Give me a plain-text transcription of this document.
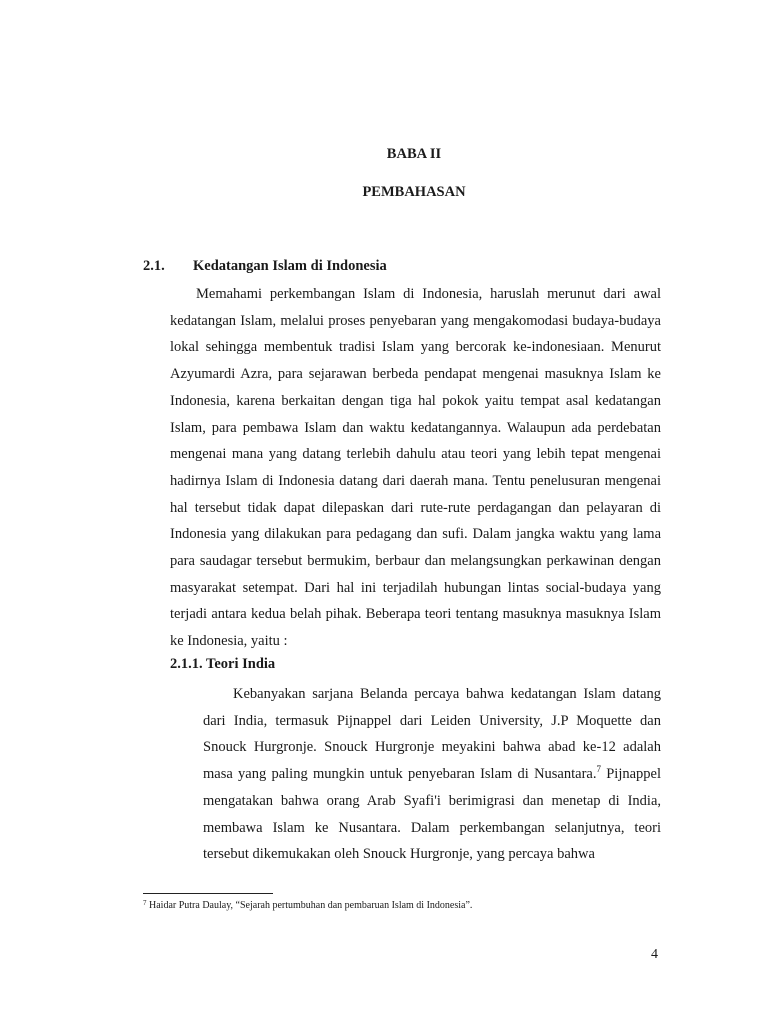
BABA II
PEMBAHASAN
2.1. Kedatangan Islam di Indonesia

Memahami perkembangan Islam di Indonesia, haruslah merunut dari awal kedatangan Islam, melalui proses penyebaran yang mengakomodasi budaya-budaya lokal sehingga membentuk tradisi Islam yang bercorak ke-indonesiaan. Menurut Azyumardi Azra, para sejarawan berbeda pendapat mengenai masuknya Islam ke Indonesia, karena berkaitan dengan tiga hal pokok yaitu tempat asal kedatangan Islam, para pembawa Islam dan waktu kedatangannya. Walaupun ada perdebatan mengenai mana yang datang terlebih dahulu atau teori yang lebih tepat mengenai hadirnya Islam di Indonesia datang dari daerah mana. Tentu penelusuran mengenai hal tersebut tidak dapat dilepaskan dari rute-rute perdagangan dan pelayaran di Indonesia yang dilakukan para pedagang dan sufi. Dalam jangka waktu yang lama para saudagar tersebut bermukim, berbaur dan melangsungkan perkawinan dengan masyarakat setempat. Dari hal ini terjadilah hubungan lintas social-budaya yang terjadi antara kedua belah pihak. Beberapa teori tentang masuknya masuknya Islam ke Indonesia, yaitu :

2.1.1. Teori India

Kebanyakan sarjana Belanda percaya bahwa kedatangan Islam datang dari India, termasuk Pijnappel dari Leiden University, J.P Moquette dan Snouck Hurgronje. Snouck Hurgronje meyakini bahwa abad ke-12 adalah masa yang paling mungkin untuk penyebaran Islam di Nusantara.$^7$ Pijnappel mengatakan bahwa orang Arab Syafi'i berimigrasi dan menetap di India, membawa Islam ke Nusantara. Dalam perkembangan selanjutnya, teori tersebut dikemukakan oleh Snouck Hurgronje, yang percaya bahwa

$^7$ Haidar Putra Daulay, “Sejarah pertumbuhan dan pembaruan Islam di Indonesia”.
4
